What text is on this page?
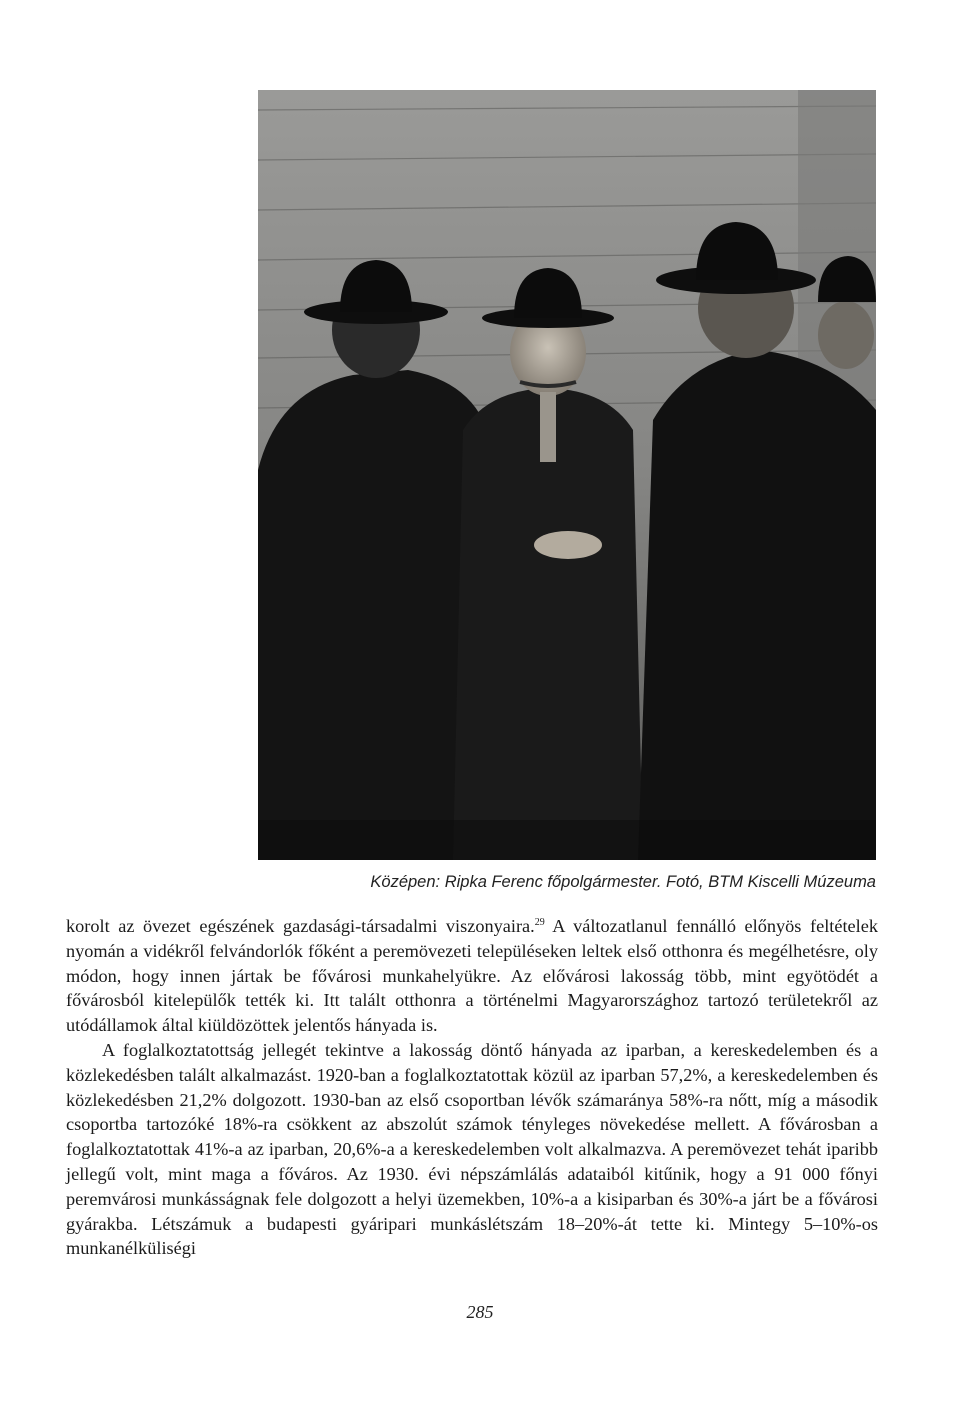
Középen: Ripka Ferenc főpolgármester. Fotó, BTM Kiscelli Múzeuma

korolt az övezet egészének gazdasági-társadalmi viszonyaira.$^{29}$ A változatlanul fennálló előnyös feltételek nyomán a vidékről felvándorlók főként a peremövezeti településeken leltek első otthonra és megélhetésre, oly módon, hogy innen jártak be fővárosi munkahelyükre. Az elővárosi lakosság több, mint egyötödét a fővárosból kitelepülők tették ki. Itt talált otthonra a történelmi Magyarországhoz tartozó területekről az utódállamok által kiüldözöttek jelentős hányada is.

A foglalkoztatottság jellegét tekintve a lakosság döntő hányada az iparban, a kereskedelemben és a közlekedésben talált alkalmazást. 1920-ban a foglalkoztatottak közül az iparban 57,2%, a kereskedelemben és közlekedésben 21,2% dolgozott. 1930-ban az első csoportban lévők számaránya 58%-ra nőtt, míg a második csoportba tartozóké 18%-ra csökkent az abszolút számok tényleges növekedése mellett. A fővárosban a foglalkoztatottak 41%-a az iparban, 20,6%-a a kereskedelemben volt alkalmazva. A peremövezet tehát iparibb jellegű volt, mint maga a főváros. Az 1930. évi népszámlálás adataiból kitűnik, hogy a 91 000 főnyi peremvárosi munkásságnak fele dolgozott a helyi üzemekben, 10%-a a kisiparban és 30%-a járt be a fővárosi gyárakba. Létszámuk a budapesti gyáripari munkáslétszám 18–20%-át tette ki. Mintegy 5–10%-os munkanélküliségi

285
